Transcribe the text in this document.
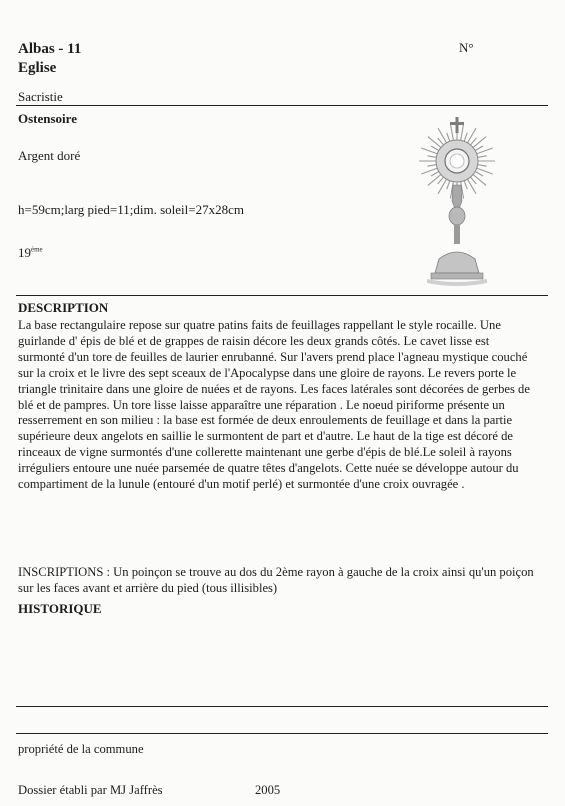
Albas - 11
Eglise
N°
Sacristie
Ostensoire
Argent doré
h=59cm;larg pied=11;dim. soleil=27x28cm
19ème
DESCRIPTION
La base rectangulaire repose sur quatre patins faits de feuillages rappellant le style rocaille. Une guirlande d' épis de blé et de grappes de raisin décore les deux grands côtés. Le cavet lisse est surmonté d'un tore de feuilles de laurier enrubanné. Sur l'avers prend place l'agneau mystique couché sur la croix et le livre des sept sceaux de l'Apocalypse dans une gloire de rayons. Le revers porte le triangle trinitaire dans une gloire de nuées et de rayons. Les faces latérales sont décorées de gerbes de blé et de pampres. Un tore lisse laisse apparaître une réparation . Le noeud piriforme présente un resserrement en son milieu : la base est formée de deux enroulements de feuillage et dans la partie supérieure deux angelots en saillie le surmontent de part et d'autre. Le haut de la tige est décoré de rinceaux de vigne surmontés d'une collerette maintenant une gerbe d'épis de blé.Le soleil à rayons irréguliers entoure une nuée parsemée de quatre têtes d'angelots. Cette nuée se développe autour du compartiment de la lunule (entouré d'un motif perlé) et surmontée d'une croix ouvragée .
INSCRIPTIONS : Un poinçon se trouve au dos du 2ème rayon à gauche de la croix ainsi qu'un poiçon sur les faces avant et arrière du pied (tous illisibles)
HISTORIQUE
propriété de la commune
Dossier établi par MJ Jaffrès	2005
